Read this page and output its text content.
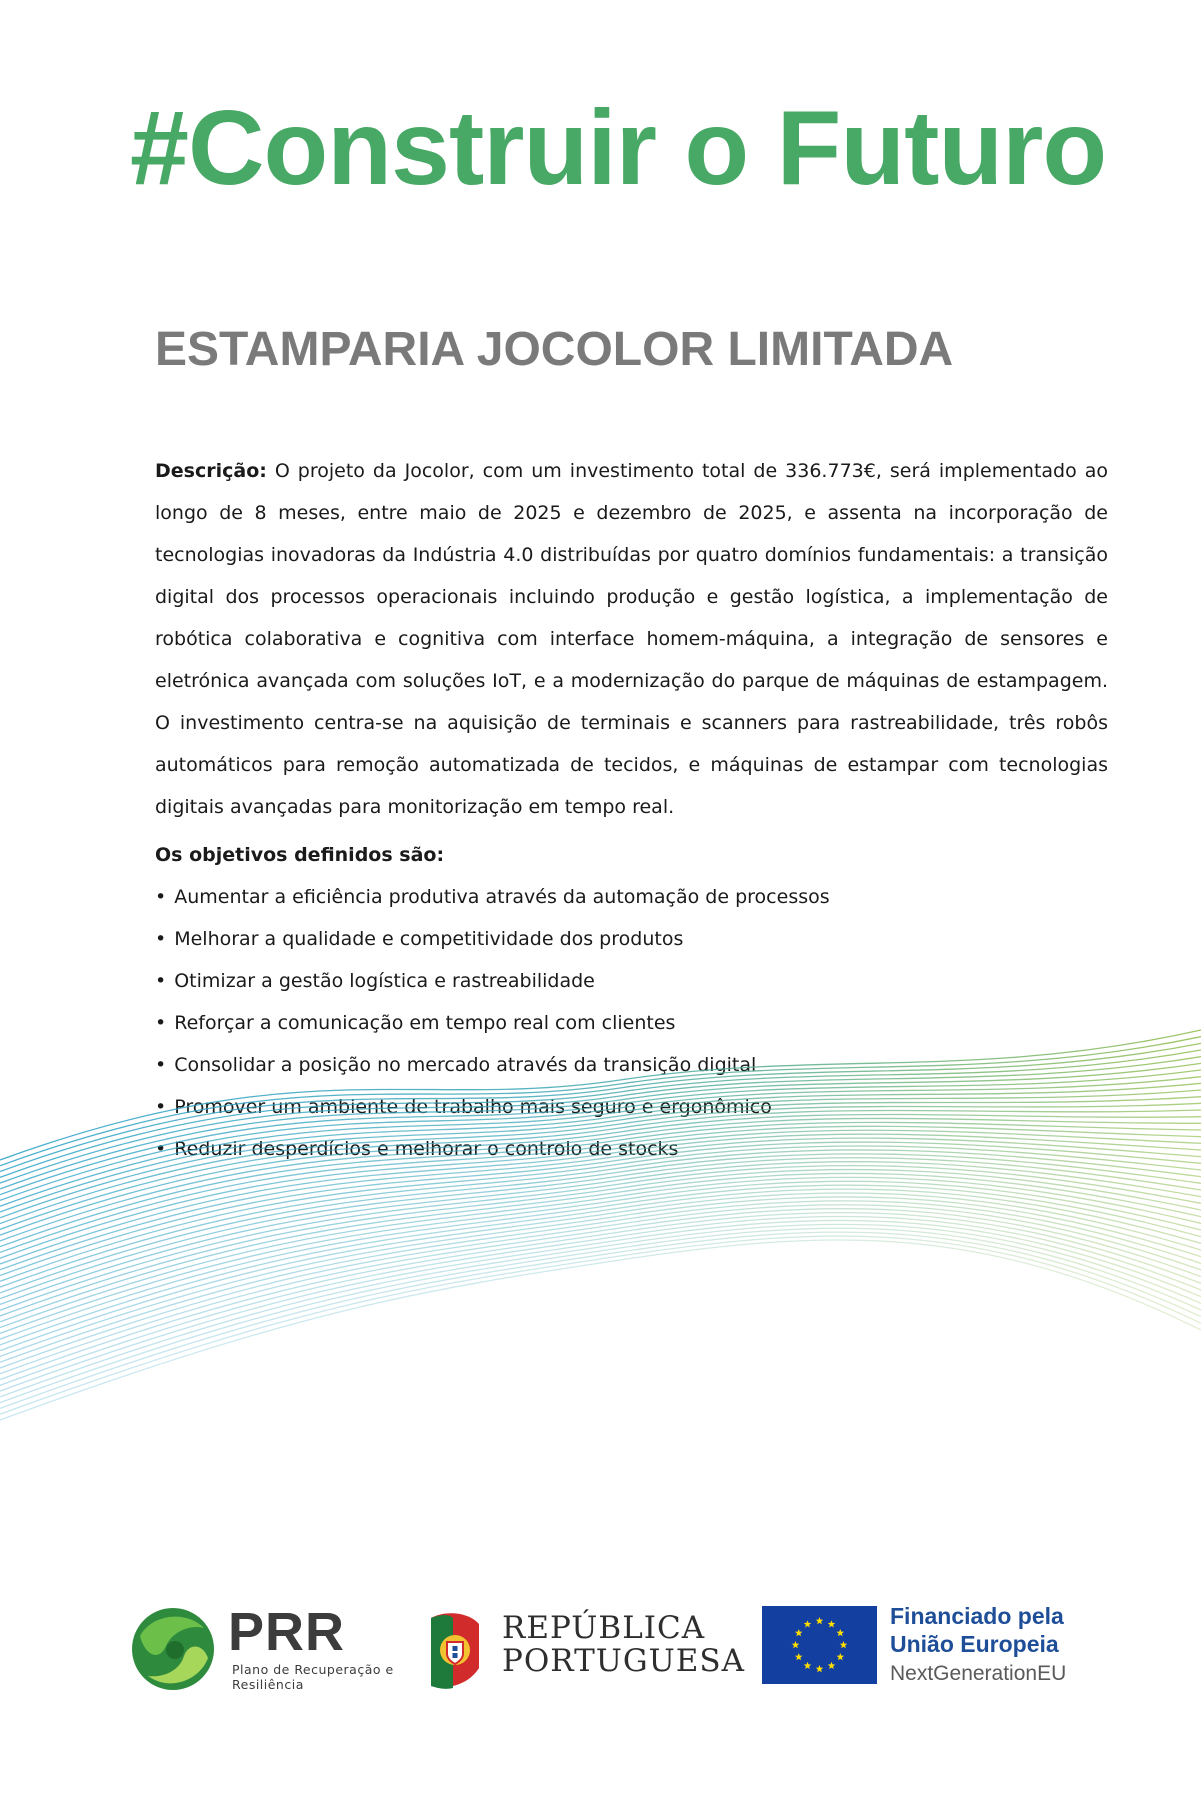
#Construir o Futuro
ESTAMPARIA JOCOLOR LIMITADA

Descrição: O projeto da Jocolor, com um investimento total de 336.773€, será implementado ao longo de 8 meses, entre maio de 2025 e dezembro de 2025, e assenta na incorporação de tecnologias inovadoras da Indústria 4.0 distribuídas por quatro domínios fundamentais: a transição digital dos processos operacionais incluindo produção e gestão logística, a implementação de robótica colaborativa e cognitiva com interface homem-máquina, a integração de sensores e eletrónica avançada com soluções IoT, e a modernização do parque de máquinas de estampagem. O investimento centra-se na aquisição de terminais e scanners para rastreabilidade, três robôs automáticos para remoção automatizada de tecidos, e máquinas de estampar com tecnologias digitais avançadas para monitorização em tempo real.

Os objetivos definidos são:

• Aumentar a eficiência produtiva através da automação de processos
• Melhorar a qualidade e competitividade dos produtos
• Otimizar a gestão logística e rastreabilidade
• Reforçar a comunicação em tempo real com clientes
• Consolidar a posição no mercado através da transição digital
• Promover um ambiente de trabalho mais seguro e ergonômico
• Reduzir desperdícios e melhorar o controlo de stocks

PRR

Plano de Recuperação e Resiliência

REPÚBLICA
PORTUGUESA

Financiado pela
União Europeia
NextGenerationEU
